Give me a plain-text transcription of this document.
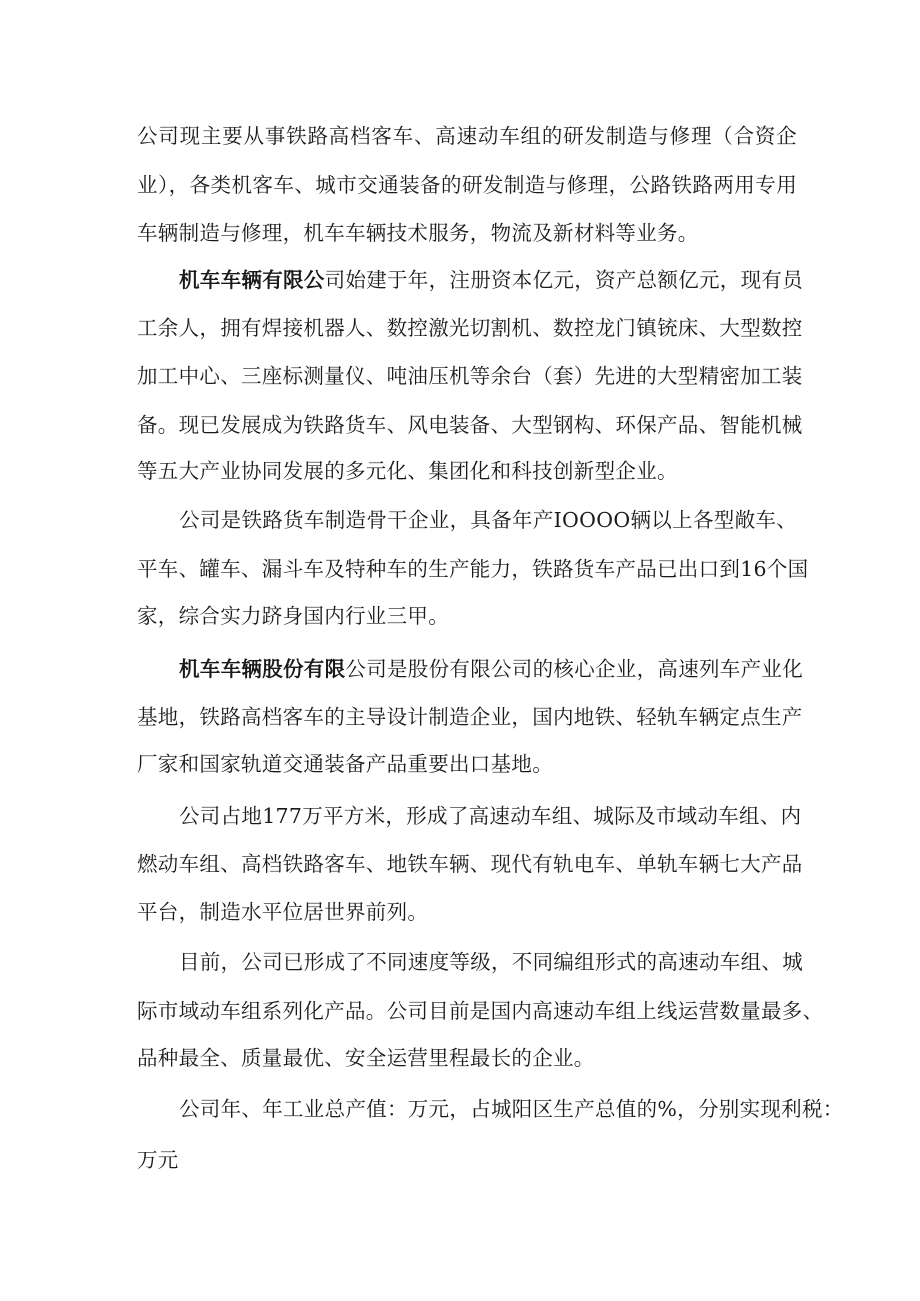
公司现主要从事铁路高档客车、高速动车组的研发制造与修理（合资企
业），各类机客车、城市交通装备的研发制造与修理，公路铁路两用专用
车辆制造与修理，机车车辆技术服务，物流及新材料等业务。
机车车辆有限公司始建于年，注册资本亿元，资产总额亿元，现有员
工余人，拥有焊接机器人、数控激光切割机、数控龙门镇铳床、大型数控
加工中心、三座标测量仪、吨油压机等余台（套）先进的大型精密加工装
备。现已发展成为铁路货车、风电装备、大型钢构、环保产品、智能机械
等五大产业协同发展的多元化、集团化和科技创新型企业。
公司是铁路货车制造骨干企业，具备年产IOOOO辆以上各型敞车、
平车、罐车、漏斗车及特种车的生产能力，铁路货车产品已出口到16个国
家，综合实力跻身国内行业三甲。
机车车辆股份有限公司是股份有限公司的核心企业，高速列车产业化
基地，铁路高档客车的主导设计制造企业，国内地铁、轻轨车辆定点生产
厂家和国家轨道交通装备产品重要出口基地。
公司占地177万平方米，形成了高速动车组、城际及市域动车组、内
燃动车组、高档铁路客车、地铁车辆、现代有轨电车、单轨车辆七大产品
平台，制造水平位居世界前列。
目前，公司已形成了不同速度等级，不同编组形式的高速动车组、城
际市域动车组系列化产品。公司目前是国内高速动车组上线运营数量最多、
品种最全、质量最优、安全运营里程最长的企业。
公司年、年工业总产值：万元，占城阳区生产总值的%，分别实现利税：
万元
